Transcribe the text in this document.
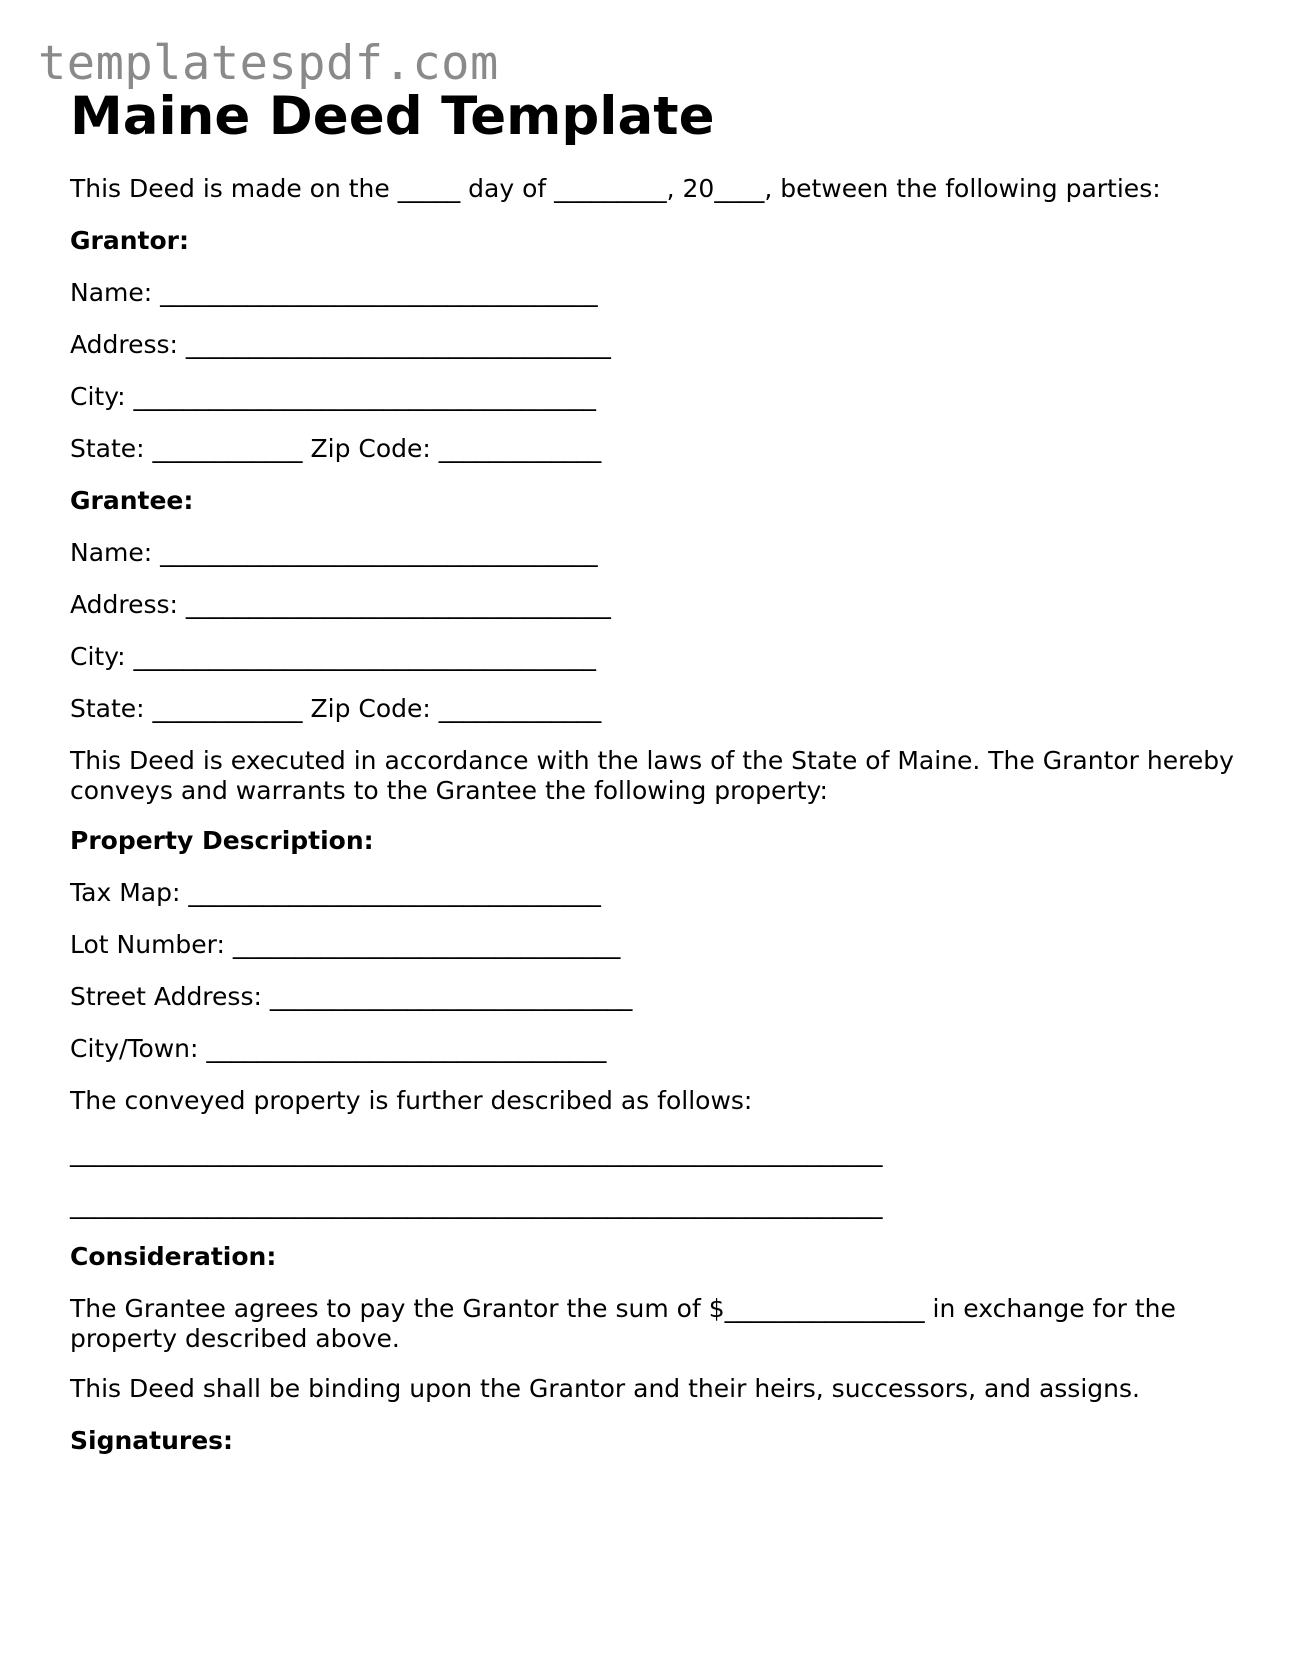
templatespdf.com
Maine Deed Template
This Deed is made on the _____ day of _________, 20____, between the following parties:
Grantor:
Name: ___________________________________
Address: __________________________________
City: _____________________________________
State: ____________ Zip Code: _____________
Grantee:
Name: ___________________________________
Address: __________________________________
City: _____________________________________
State: ____________ Zip Code: _____________
This Deed is executed in accordance with the laws of the State of Maine. The Grantor hereby conveys and warrants to the Grantee the following property:
Property Description:
Tax Map: _________________________________
Lot Number: _______________________________
Street Address: _____________________________
City/Town: ________________________________
The conveyed property is further described as follows:
_________________________________________________________________
_________________________________________________________________
Consideration:
The Grantee agrees to pay the Grantor the sum of $________________ in exchange for the property described above.
This Deed shall be binding upon the Grantor and their heirs, successors, and assigns.
Signatures:
